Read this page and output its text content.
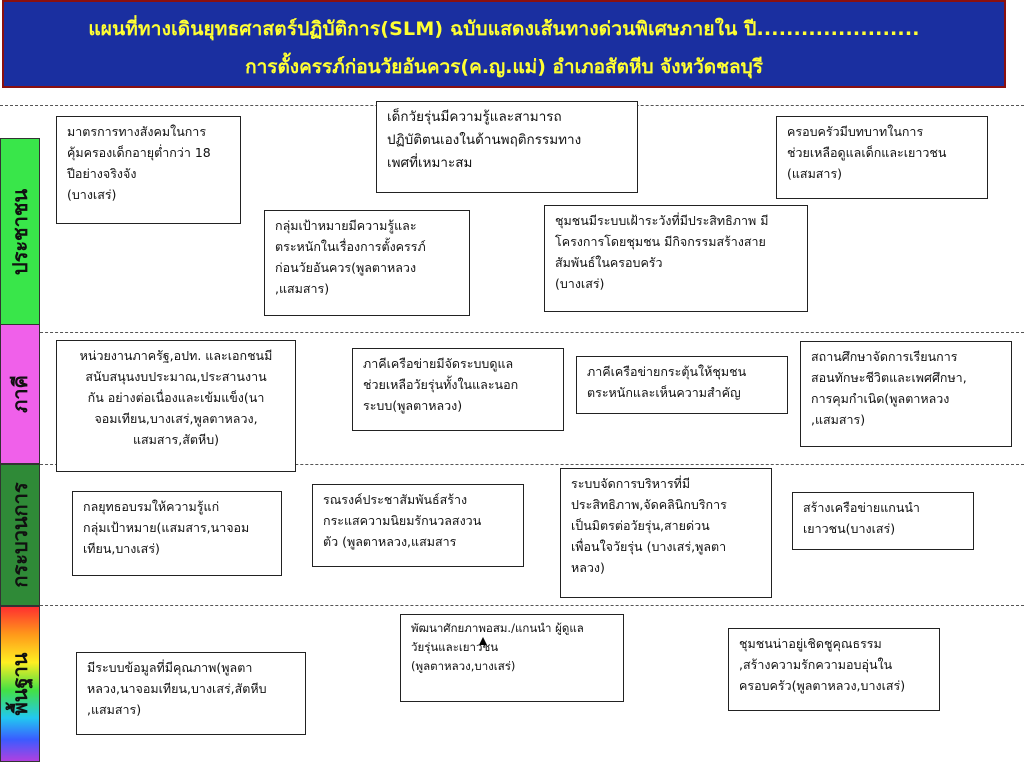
แผนที่ทางเดินยุทธศาสตร์ปฏิบัติการ(SLM) ฉบับแสดงเส้นทางด่วนพิเศษภายใน ปี......................
การตั้งครรภ์ก่อนวัยอันควร(ค.ญ.แม่) อำเภอสัตหีบ จังหวัดชลบุรี
ประชาชน
ภาคี
กระบวนการ
พื้นฐาน
มาตรการทางสังคมในการ
คุ้มครองเด็กอายุต่ำกว่า 18
ปีอย่างจริงจัง
(บางเสร่)
เด็กวัยรุ่นมีความรู้และสามารถ
ปฏิบัติตนเองในด้านพฤติกรรมทาง
เพศที่เหมาะสม
ครอบครัวมีบทบาทในการ
ช่วยเหลือดูแลเด็กและเยาวชน
(แสมสาร)
กลุ่มเป้าหมายมีความรู้และ
ตระหนักในเรื่องการตั้งครรภ์
ก่อนวัยอันควร(พูลตาหลวง
,แสมสาร)
ชุมชนมีระบบเฝ้าระวังที่มีประสิทธิภาพ มี
โครงการโดยชุมชน มีกิจกรรมสร้างสาย
สัมพันธ์ในครอบครัว
(บางเสร่)
หน่วยงานภาครัฐ,อปท. และเอกชนมี
สนับสนุนงบประมาณ,ประสานงาน
กัน อย่างต่อเนื่องและเข้มแข็ง(นา
จอมเทียน,บางเสร่,พูลตาหลวง,
แสมสาร,สัตหีบ)
ภาคีเครือข่ายมีจัดระบบดูแล
ช่วยเหลือวัยรุ่นทั้งในและนอก
ระบบ(พูลตาหลวง)
ภาคีเครือข่ายกระตุ้นให้ชุมชน
ตระหนักและเห็นความสำคัญ
สถานศึกษาจัดการเรียนการ
สอนทักษะชีวิตและเพศศึกษา,
การคุมกำเนิด(พูลตาหลวง
,แสมสาร)
กลยุทธอบรมให้ความรู้แก่
กลุ่มเป้าหมาย(แสมสาร,นาจอม
เทียน,บางเสร่)
รณรงค์ประชาสัมพันธ์สร้าง
กระแสความนิยมรักนวลสงวน
ตัว (พูลตาหลวง,แสมสาร
ระบบจัดการบริหารที่มี
ประสิทธิภาพ,จัดคลินิกบริการ
เป็นมิตรต่อวัยรุ่น,สายด่วน
เพื่อนใจวัยรุ่น (บางเสร่,พูลตา
หลวง)
สร้างเครือข่ายแกนนำ
เยาวชน(บางเสร่)
พัฒนาศักยภาพอสม./แกนนำ ผู้ดูแล
วัยรุ่นและเยาวชน
(พูลตาหลวง,บางเสร่)
ชุมชนน่าอยู่เชิดชูคุณธรรม
,สร้างความรักความอบอุ่นใน
ครอบครัว(พูลตาหลวง,บางเสร่)
มีระบบข้อมูลที่มีคุณภาพ(พูลตา
หลวง,นาจอมเทียน,บางเสร่,สัตหีบ
,แสมสาร)
